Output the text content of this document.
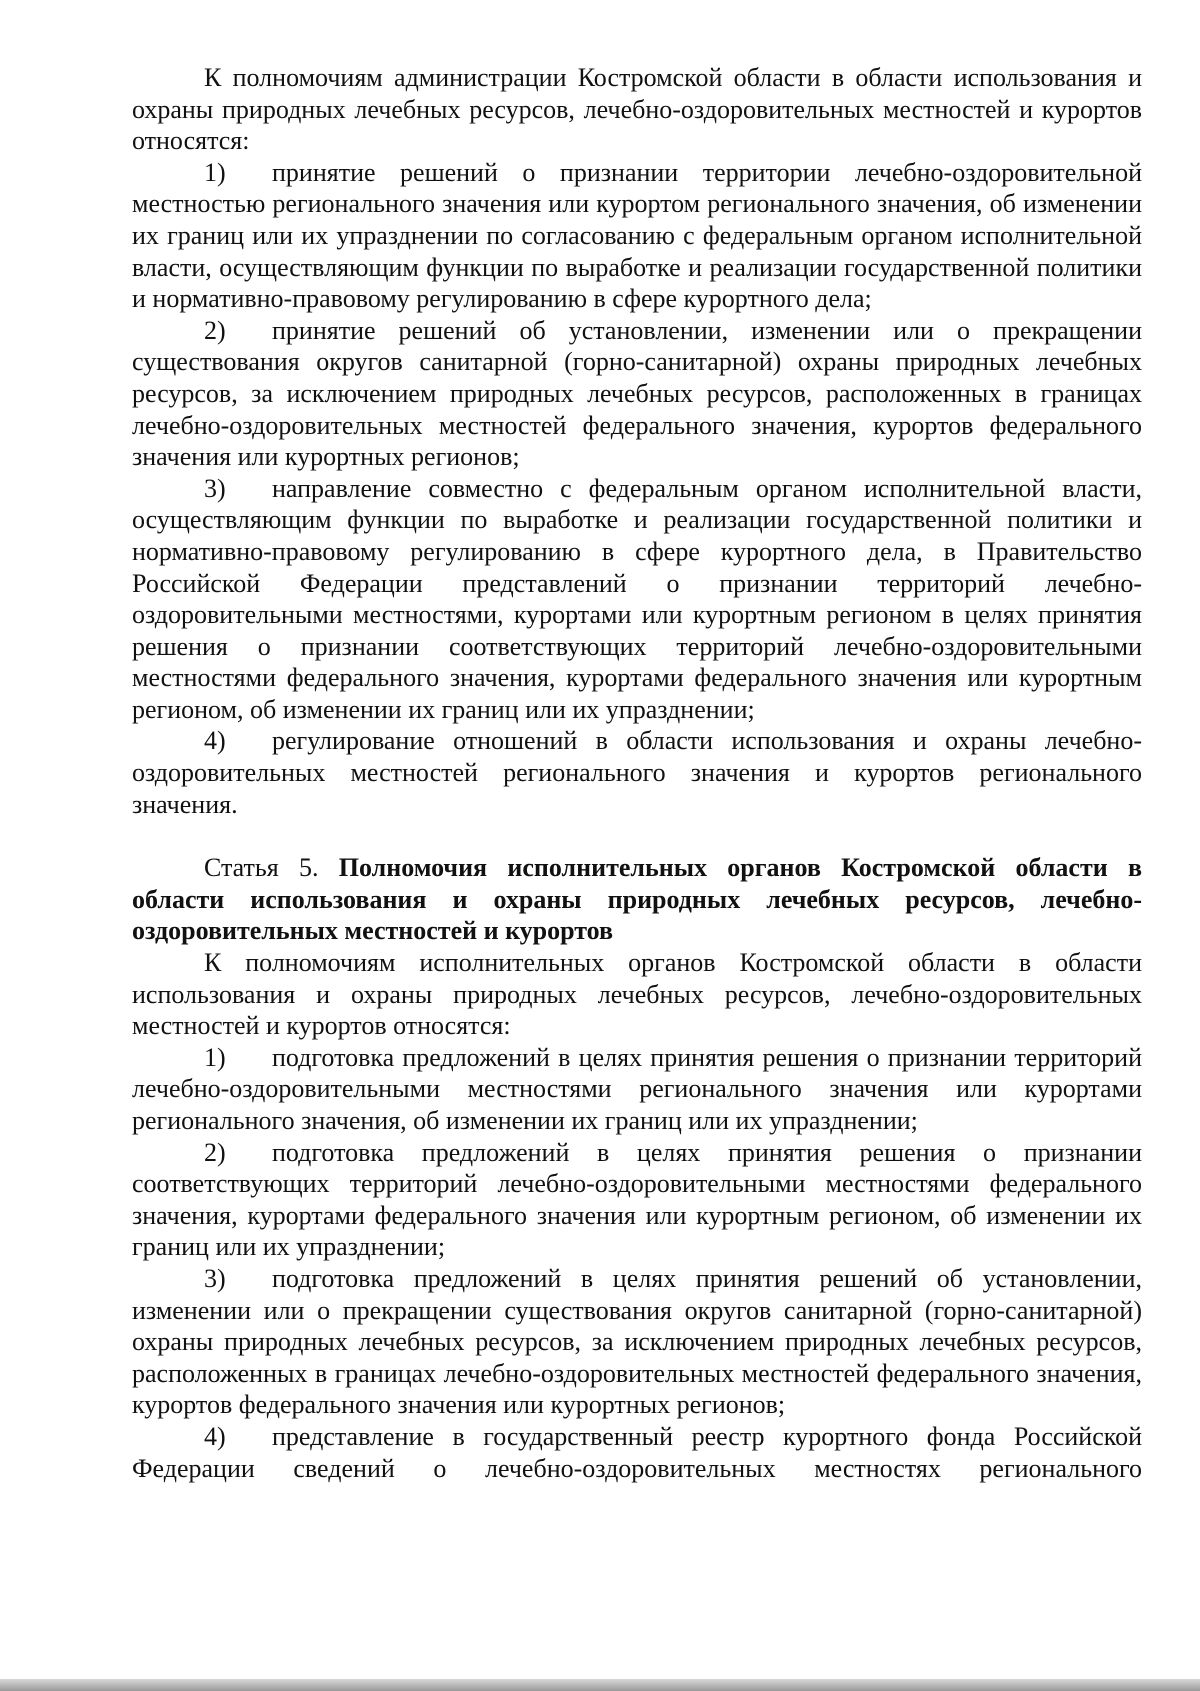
К полномочиям администрации Костромской области в области использования и охраны природных лечебных ресурсов, лечебно-оздоровительных местностей и курортов относятся:

1) принятие решений о признании территории лечебно-оздоровительной местностью регионального значения или курортом регионального значения, об изменении их границ или их упразднении по согласованию с федеральным органом исполнительной власти, осуществляющим функции по выработке и реализации государственной политики и нормативно-правовому регулированию в сфере курортного дела;

2) принятие решений об установлении, изменении или о прекращении существования округов санитарной (горно-санитарной) охраны природных лечебных ресурсов, за исключением природных лечебных ресурсов, расположенных в границах лечебно-оздоровительных местностей федерального значения, курортов федерального значения или курортных регионов;

3) направление совместно с федеральным органом исполнительной власти, осуществляющим функции по выработке и реализации государственной политики и нормативно-правовому регулированию в сфере курортного дела, в Правительство Российской Федерации представлений о признании территорий лечебно-оздоровительными местностями, курортами или курортным регионом в целях принятия решения о признании соответствующих территорий лечебно-оздоровительными местностями федерального значения, курортами федерального значения или курортным регионом, об изменении их границ или их упразднении;

4) регулирование отношений в области использования и охраны лечебно-оздоровительных местностей регионального значения и курортов регионального значения.

Статья 5. Полномочия исполнительных органов Костромской области в области использования и охраны природных лечебных ресурсов, лечебно-оздоровительных местностей и курортов

К полномочиям исполнительных органов Костромской области в области использования и охраны природных лечебных ресурсов, лечебно-оздоровительных местностей и курортов относятся:

1) подготовка предложений в целях принятия решения о признании территорий лечебно-оздоровительными местностями регионального значения или курортами регионального значения, об изменении их границ или их упразднении;

2) подготовка предложений в целях принятия решения о признании соответствующих территорий лечебно-оздоровительными местностями федерального значения, курортами федерального значения или курортным регионом, об изменении их границ или их упразднении;

3) подготовка предложений в целях принятия решений об установлении, изменении или о прекращении существования округов санитарной (горно-санитарной) охраны природных лечебных ресурсов, за исключением природных лечебных ресурсов, расположенных в границах лечебно-оздоровительных местностей федерального значения, курортов федерального значения или курортных регионов;

4) представление в государственный реестр курортного фонда Российской Федерации сведений о лечебно-оздоровительных местностях регионального
